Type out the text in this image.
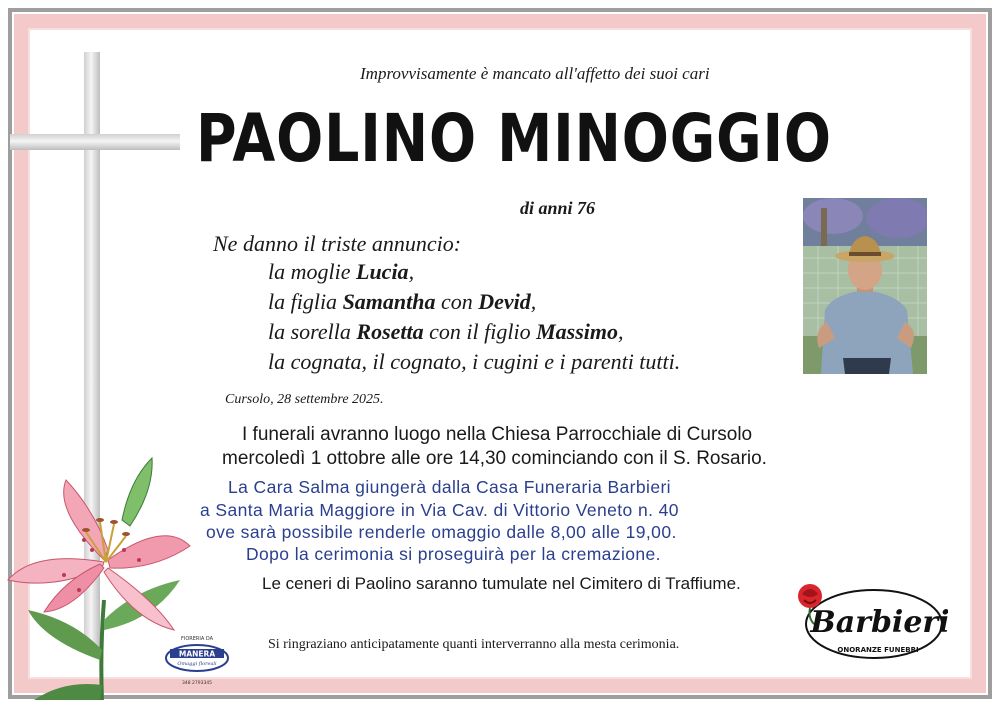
Improvvisamente è mancato all'affetto dei suoi cari
PAOLINO MINOGGIO
di anni 76
Ne danno il triste annuncio:
la moglie Lucia,
la figlia Samantha con Devid,
la sorella Rosetta con il figlio Massimo,
la cognata, il cognato, i cugini e i parenti tutti.
Cursolo, 28 settembre 2025.
I funerali avranno luogo nella Chiesa Parrocchiale di Cursolo
mercoledì 1 ottobre alle ore 14,30 cominciando con il S. Rosario.
La Cara Salma giungerà dalla Casa Funeraria Barbieri
a Santa Maria Maggiore in Via Cav. di Vittorio Veneto n. 40
ove sarà possibile renderle omaggio dalle 8,00 alle 19,00.
Dopo la cerimonia si proseguirà per la cremazione.
Le ceneri di Paolino saranno tumulate nel Cimitero di Traffiume.
Si ringraziano anticipatamente quanti interverranno alla mesta cerimonia.
FIORERIA DA
MANERA
Omaggi floreali
348 2793345
Barbieri
ONORANZE FUNEBRI
